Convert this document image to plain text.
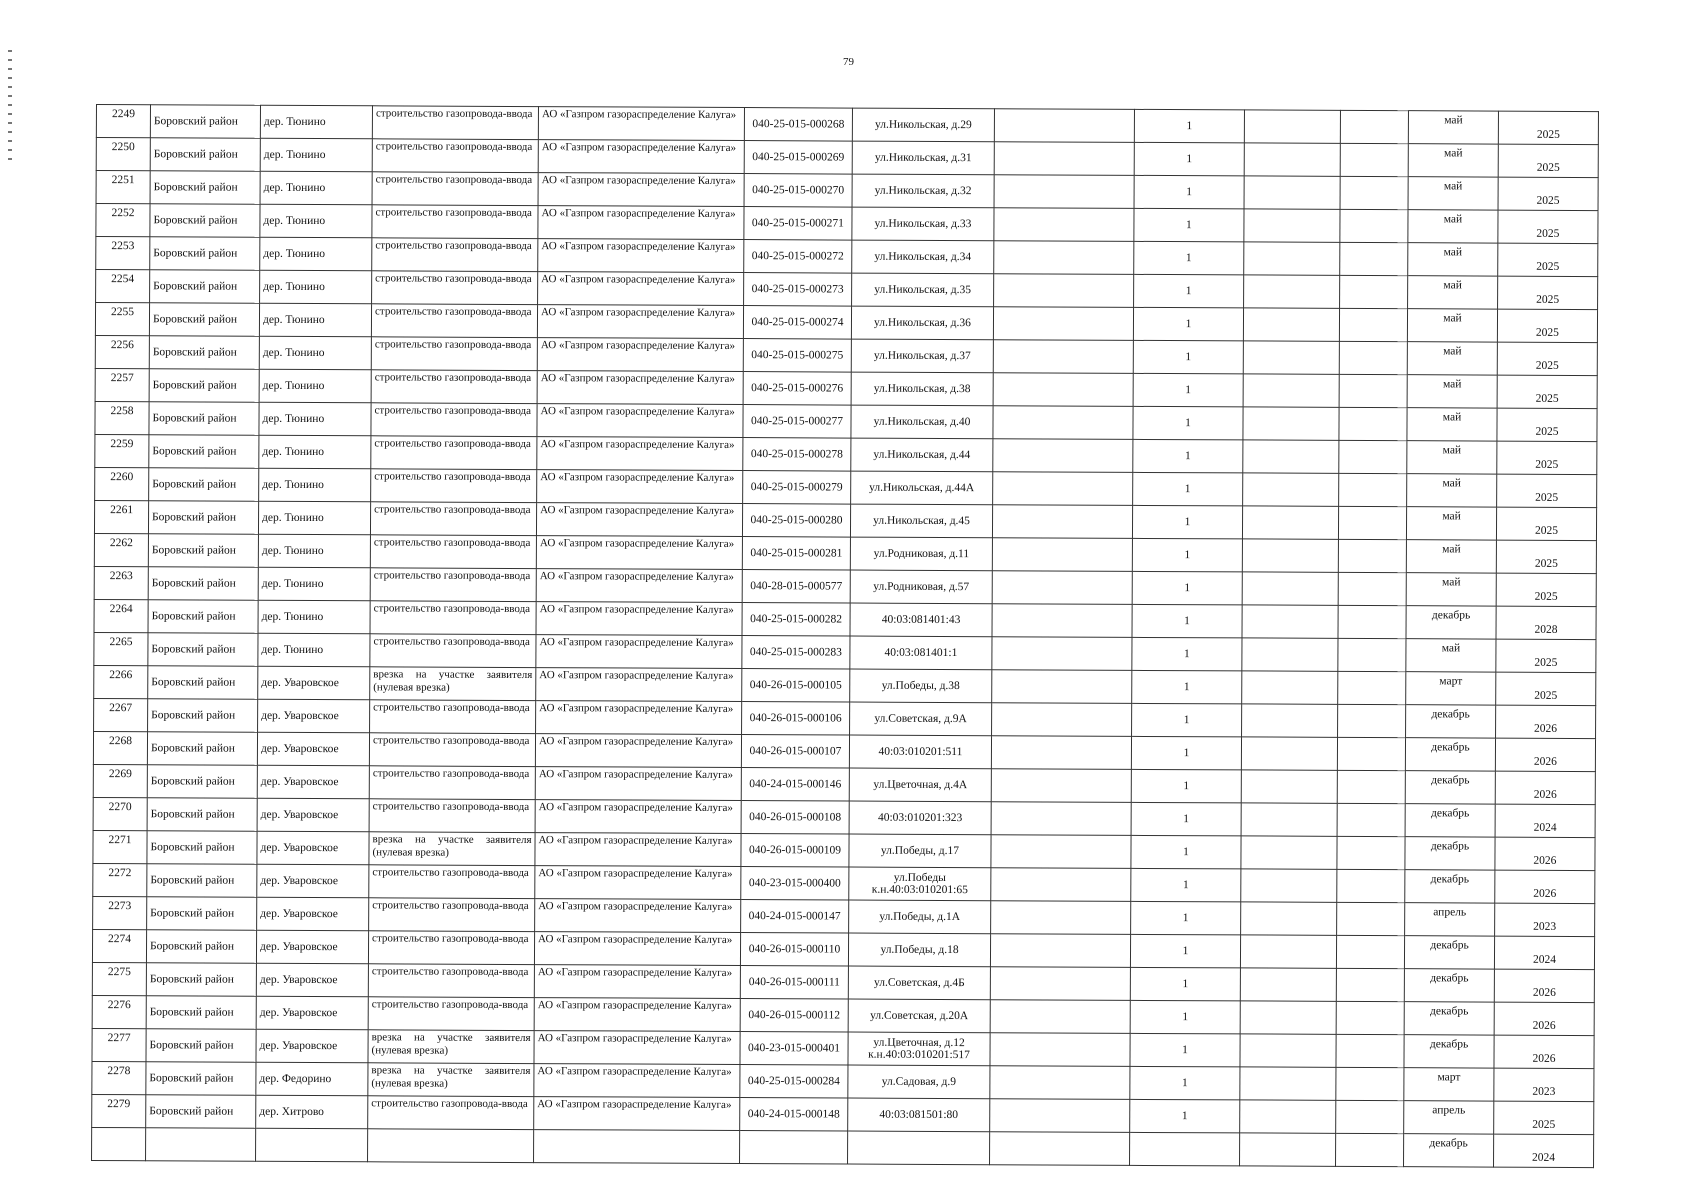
79
2249	Боровский район	дер. Тюнино	строительство газопровода-ввода	АО «Газпром газораспределение Калуга»	040-25-015-000268	ул.Никольская, д.29		1			май	2025
2250	Боровский район	дер. Тюнино	строительство газопровода-ввода	АО «Газпром газораспределение Калуга»	040-25-015-000269	ул.Никольская, д.31		1			май	2025
2251	Боровский район	дер. Тюнино	строительство газопровода-ввода	АО «Газпром газораспределение Калуга»	040-25-015-000270	ул.Никольская, д.32		1			май	2025
2252	Боровский район	дер. Тюнино	строительство газопровода-ввода	АО «Газпром газораспределение Калуга»	040-25-015-000271	ул.Никольская, д.33		1			май	2025
2253	Боровский район	дер. Тюнино	строительство газопровода-ввода	АО «Газпром газораспределение Калуга»	040-25-015-000272	ул.Никольская, д.34		1			май	2025
2254	Боровский район	дер. Тюнино	строительство газопровода-ввода	АО «Газпром газораспределение Калуга»	040-25-015-000273	ул.Никольская, д.35		1			май	2025
2255	Боровский район	дер. Тюнино	строительство газопровода-ввода	АО «Газпром газораспределение Калуга»	040-25-015-000274	ул.Никольская, д.36		1			май	2025
2256	Боровский район	дер. Тюнино	строительство газопровода-ввода	АО «Газпром газораспределение Калуга»	040-25-015-000275	ул.Никольская, д.37		1			май	2025
2257	Боровский район	дер. Тюнино	строительство газопровода-ввода	АО «Газпром газораспределение Калуга»	040-25-015-000276	ул.Никольская, д.38		1			май	2025
2258	Боровский район	дер. Тюнино	строительство газопровода-ввода	АО «Газпром газораспределение Калуга»	040-25-015-000277	ул.Никольская, д.40		1			май	2025
2259	Боровский район	дер. Тюнино	строительство газопровода-ввода	АО «Газпром газораспределение Калуга»	040-25-015-000278	ул.Никольская, д.44		1			май	2025
2260	Боровский район	дер. Тюнино	строительство газопровода-ввода	АО «Газпром газораспределение Калуга»	040-25-015-000279	ул.Никольская, д.44А		1			май	2025
2261	Боровский район	дер. Тюнино	строительство газопровода-ввода	АО «Газпром газораспределение Калуга»	040-25-015-000280	ул.Никольская, д.45		1			май	2025
2262	Боровский район	дер. Тюнино	строительство газопровода-ввода	АО «Газпром газораспределение Калуга»	040-25-015-000281	ул.Родниковая, д.11		1			май	2025
2263	Боровский район	дер. Тюнино	строительство газопровода-ввода	АО «Газпром газораспределение Калуга»	040-28-015-000577	ул.Родниковая, д.57		1			май	2025
2264	Боровский район	дер. Тюнино	строительство газопровода-ввода	АО «Газпром газораспределение Калуга»	040-25-015-000282	40:03:081401:43		1			декабрь	2028
2265	Боровский район	дер. Тюнино	строительство газопровода-ввода	АО «Газпром газораспределение Калуга»	040-25-015-000283	40:03:081401:1		1			май	2025
2266	Боровский район	дер. Уваровское	врезка на участке заявителя (нулевая врезка)	АО «Газпром газораспределение Калуга»	040-26-015-000105	ул.Победы, д.38		1			март	2025
2267	Боровский район	дер. Уваровское	строительство газопровода-ввода	АО «Газпром газораспределение Калуга»	040-26-015-000106	ул.Советская, д.9А		1			декабрь	2026
2268	Боровский район	дер. Уваровское	строительство газопровода-ввода	АО «Газпром газораспределение Калуга»	040-26-015-000107	40:03:010201:511		1			декабрь	2026
2269	Боровский район	дер. Уваровское	строительство газопровода-ввода	АО «Газпром газораспределение Калуга»	040-24-015-000146	ул.Цветочная, д.4А		1			декабрь	2026
2270	Боровский район	дер. Уваровское	строительство газопровода-ввода	АО «Газпром газораспределение Калуга»	040-26-015-000108	40:03:010201:323		1			декабрь	2024
2271	Боровский район	дер. Уваровское	врезка на участке заявителя (нулевая врезка)	АО «Газпром газораспределение Калуга»	040-26-015-000109	ул.Победы, д.17		1			декабрь	2026
2272	Боровский район	дер. Уваровское	строительство газопровода-ввода	АО «Газпром газораспределение Калуга»	040-23-015-000400	ул.Победы к.н.40:03:010201:65		1			декабрь	2026
2273	Боровский район	дер. Уваровское	строительство газопровода-ввода	АО «Газпром газораспределение Калуга»	040-24-015-000147	ул.Победы, д.1А		1			апрель	2023
2274	Боровский район	дер. Уваровское	строительство газопровода-ввода	АО «Газпром газораспределение Калуга»	040-26-015-000110	ул.Победы, д.18		1			декабрь	2024
2275	Боровский район	дер. Уваровское	строительство газопровода-ввода	АО «Газпром газораспределение Калуга»	040-26-015-000111	ул.Советская, д.4Б		1			декабрь	2026
2276	Боровский район	дер. Уваровское	строительство газопровода-ввода	АО «Газпром газораспределение Калуга»	040-26-015-000112	ул.Советская, д.20А		1			декабрь	2026
2277	Боровский район	дер. Уваровское	врезка на участке заявителя (нулевая врезка)	АО «Газпром газораспределение Калуга»	040-23-015-000401	ул.Цветочная, д.12 к.н.40:03:010201:517		1			декабрь	2026
2278	Боровский район	дер. Федорино	врезка на участке заявителя (нулевая врезка)	АО «Газпром газораспределение Калуга»	040-25-015-000284	ул.Садовая, д.9		1			март	2023
2279	Боровский район	дер. Хитрово	строительство газопровода-ввода	АО «Газпром газораспределение Калуга»	040-24-015-000148	40:03:081501:80		1			апрель	2025
											декабрь	2024
